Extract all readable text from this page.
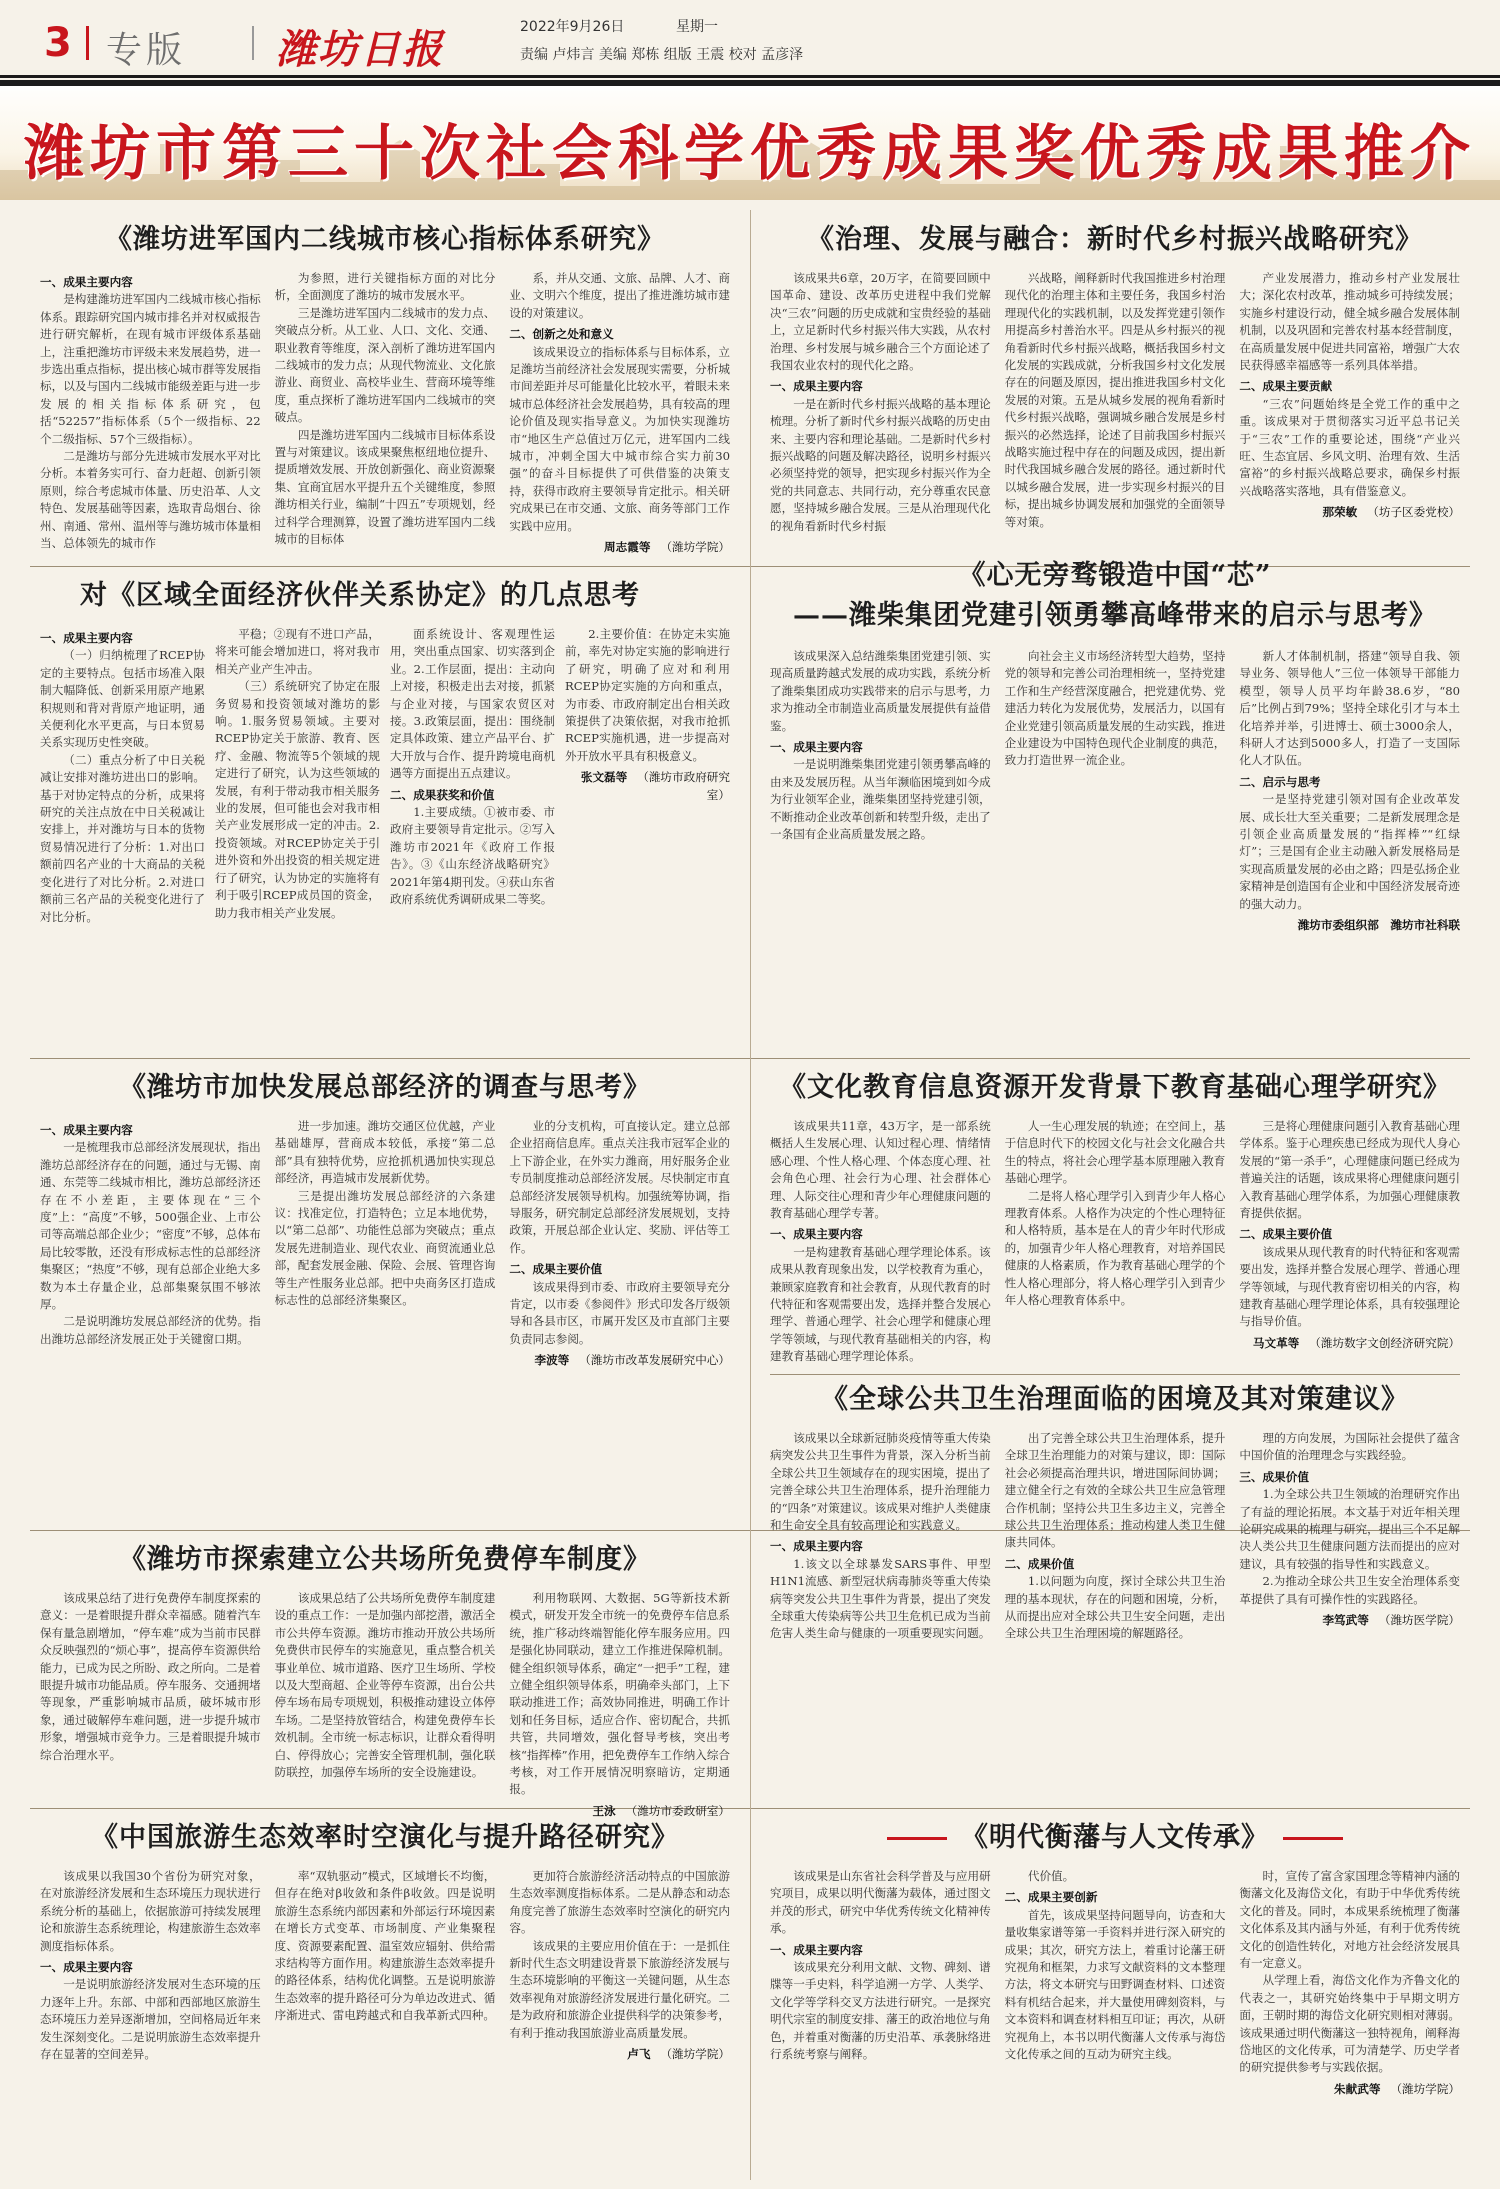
3 专版 潍坊日报	2022年9月26日	星期一
责编 卢炜言 美编 郑栋 组版 王震 校对 孟彦泽
潍坊市第三十次社会科学优秀成果奖优秀成果推介
《潍坊进军国内二线城市核心指标体系研究》
一、成果主要内容

是构建潍坊进军国内二线城市核心指标体系。跟踪研究国内城市排名并对权威报告进行研究解析，在现有城市评级体系基础上，注重把潍坊市评级未来发展趋势，进一步选出重点指标，提出核心城市群等发展指标，以及与国内二线城市能级差距与进一步发展的相关指标体系研究，包括“52257”指标体系（5个一级指标、22个二级指标、57个三级指标）。

二是潍坊与部分先进城市发展水平对比分析。本着务实可行、奋力赶超、创新引领原则，综合考虑城市体量、历史沿革、人文特色、发展基础等因素，选取青岛烟台、徐州、南通、常州、温州等与潍坊城市体量相当、总体领先的城市作

为参照，进行关键指标方面的对比分析，全面测度了潍坊的城市发展水平。

三是潍坊进军国内二线城市的发力点、突破点分析。从工业、人口、文化、交通、职业教育等维度，深入剖析了潍坊进军国内二线城市的发力点；从现代物流业、文化旅游业、商贸业、高校毕业生、营商环境等维度，重点探析了潍坊进军国内二线城市的突破点。

四是潍坊进军国内二线城市目标体系设置与对策建议。该成果聚焦枢纽地位提升、提质增效发展、开放创新强化、商业资源聚集、宜商宜居水平提升五个关键维度，参照潍坊相关行业，编制“十四五”专项规划，经过科学合理测算，设置了潍坊进军国内二线城市的目标体

系，并从交通、文旅、品牌、人才、商业、文明六个维度，提出了推进潍坊城市建设的对策建议。

二、创新之处和意义

该成果设立的指标体系与目标体系，立足潍坊当前经济社会发展现实需要，分析城市间差距并尽可能量化比较水平，着眼未来城市总体经济社会发展趋势，具有较高的理论价值及现实指导意义。为加快实现潍坊市“地区生产总值过万亿元，进军国内二线城市，冲刺全国大中城市综合实力前30强”的奋斗目标提供了可供借鉴的决策支持，获得市政府主要领导肯定批示。相关研究成果已在市交通、文旅、商务等部门工作实践中应用。

周志霞等 （潍坊学院）
《治理、发展与融合：新时代乡村振兴战略研究》

该成果共6章，20万字，在简要回顾中国革命、建设、改革历史进程中我们党解决“三农”问题的历史成就和宝贵经验的基础上，立足新时代乡村振兴伟大实践，从农村治理、乡村发展与城乡融合三个方面论述了我国农业农村的现代化之路。

一、成果主要内容

一是在新时代乡村振兴战略的基本理论梳理。分析了新时代乡村振兴战略的历史由来、主要内容和理论基础。二是新时代乡村振兴战略的问题及解决路径，说明乡村振兴必须坚持党的领导，把实现乡村振兴作为全党的共同意志、共同行动，充分尊重农民意愿，坚持城乡融合发展。三是从治理现代化的视角看新时代乡村振

兴战略，阐释新时代我国推进乡村治理现代化的治理主体和主要任务，我国乡村治理现代化的实践机制，以及发挥党建引领作用提高乡村善治水平。四是从乡村振兴的视角看新时代乡村振兴战略，概括我国乡村文化发展的实践成就，分析我国乡村文化发展存在的问题及原因，提出推进我国乡村文化发展的对策。五是从城乡发展的视角看新时代乡村振兴战略，强调城乡融合发展是乡村振兴的必然选择，论述了目前我国乡村振兴战略实施过程中存在的问题及成因，提出新时代我国城乡融合发展的路径。通过新时代以城乡融合发展，进一步实现乡村振兴的目标，提出城乡协调发展和加强党的全面领导等对策。

产业发展潜力，推动乡村产业发展壮大；深化农村改革，推动城乡可持续发展；实施乡村建设行动，健全城乡融合发展体制机制，以及巩固和完善农村基本经营制度，在高质量发展中促进共同富裕，增强广大农民获得感幸福感等一系列具体举措。

二、成果主要贡献

“三农”问题始终是全党工作的重中之重。该成果对于贯彻落实习近平总书记关于“三农”工作的重要论述，围绕“产业兴旺、生态宜居、乡风文明、治理有效、生活富裕”的乡村振兴战略总要求，确保乡村振兴战略落实落地，具有借鉴意义。

那荣敏 （坊子区委党校）
对《区域全面经济伙伴关系协定》的几点思考
一、成果主要内容

（一）归纳梳理了RCEP协定的主要特点。包括市场准入限制大幅降低、创新采用原产地累积规则和背对背原产地证明，通关便利化水平更高，与日本贸易关系实现历史性突破。

（二）重点分析了中日关税减让安排对潍坊进出口的影响。基于对协定特点的分析，成果将研究的关注点放在中日关税减让安排上，并对潍坊与日本的货物贸易情况进行了分析：1.对出口额前四名产业的十大商品的关税变化进行了对比分析。2.对进口额前三名产品的关税变化进行了对比分析。

平稳；②现有不进口产品，将来可能会增加进口，将对我市相关产业产生冲击。

（三）系统研究了协定在服务贸易和投资领域对潍坊的影响。1.服务贸易领域。主要对RCEP协定关于旅游、教育、医疗、金融、物流等5个领域的规定进行了研究，认为这些领域的发展，有利于带动我市相关服务业的发展，但可能也会对我市相关产业发展形成一定的冲击。2.投资领域。对RCEP协定关于引进外资和外出投资的相关规定进行了研究，认为协定的实施将有利于吸引RCEP成员国的资金，助力我市相关产业发展。

面系统设计、客观理性运用，突出重点国家、切实落到企业。2.工作层面，提出：主动向上对接，积极走出去对接，抓紧与企业对接，与国家农贸区对接。3.政策层面，提出：围绕制定具体政策、建立产品平台、扩大开放与合作、提升跨境电商机遇等方面提出五点建议。

二、成果获奖和价值

1.主要成绩。①被市委、市政府主要领导肯定批示。②写入潍坊市2021年《政府工作报告》。③《山东经济战略研究》2021年第4期刊发。④获山东省政府系统优秀调研成果二等奖。

2.主要价值：在协定未实施前，率先对协定实施的影响进行了研究，明确了应对和利用RCEP协定实施的方向和重点，为市委、市政府制定出台相关政策提供了决策依据，对我市抢抓RCEP实施机遇，进一步提高对外开放水平具有积极意义。

张文磊等 （潍坊市政府研究室）
《心无旁骛锻造中国“芯”
——潍柴集团党建引领勇攀高峰带来的启示与思考》

该成果深入总结潍柴集团党建引领、实现高质量跨越式发展的成功实践，系统分析了潍柴集团成功实践带来的启示与思考，力求为推动全市制造业高质量发展提供有益借鉴。

一、成果主要内容

一是说明潍柴集团党建引领勇攀高峰的由来及发展历程。从当年濒临困境到如今成为行业领军企业，潍柴集团坚持党建引领，不断推动企业改革创新和转型升级，走出了一条国有企业高质量发展之路。

向社会主义市场经济转型大趋势，坚持党的领导和完善公司治理相统一，坚持党建工作和生产经营深度融合，把党建优势、党建活力转化为发展优势，发展活力，以国有企业党建引领高质量发展的生动实践，推进企业建设为中国特色现代企业制度的典范，致力打造世界一流企业。

新人才体制机制，搭建“领导自我、领导业务、领导他人”三位一体领导干部能力模型，领导人员平均年龄38.6岁，“80后”比例占到79%；坚持全球化引才与本土化培养并举，引进博士、硕士3000余人，科研人才达到5000多人，打造了一支国际化人才队伍。

二、启示与思考

一是坚持党建引领对国有企业改革发展、成长壮大至关重要；二是新发展理念是引领企业高质量发展的“指挥棒”“红绿灯”；三是国有企业主动融入新发展格局是实现高质量发展的必由之路；四是弘扬企业家精神是创造国有企业和中国经济发展奇迹的强大动力。

潍坊市委组织部　潍坊市社科联
《潍坊市加快发展总部经济的调查与思考》
一、成果主要内容

一是梳理我市总部经济发展现状，指出潍坊总部经济存在的问题，通过与无锡、南通、东莞等二线城市相比，潍坊总部经济还存在不小差距，主要体现在“三个度”上：“高度”不够，500强企业、上市公司等高端总部企业少；“密度”不够，总体布局比较零散，还没有形成标志性的总部经济集聚区；“热度”不够，现有总部企业绝大多数为本土存量企业，总部集聚氛围不够浓厚。

二是说明潍坊发展总部经济的优势。指出潍坊总部经济发展正处于关键窗口期。

进一步加速。潍坊交通区位优越，产业基础雄厚，营商成本较低，承接“第二总部”具有独特优势，应抢抓机遇加快实现总部经济，再造城市发展新优势。

三是提出潍坊发展总部经济的六条建议：找准定位，打造特色；立足本地优势，以“第二总部”、功能性总部为突破点；重点发展先进制造业、现代农业、商贸流通业总部，配套发展金融、保险、会展、管理咨询等生产性服务业总部。把中央商务区打造成标志性的总部经济集聚区。

业的分支机构，可直接认定。建立总部企业招商信息库。重点关注我市冠军企业的上下游企业，在外实力潍商，用好服务企业专员制度推动总部经济发展。尽快制定市直总部经济发展领导机构。加强统筹协调，指导服务，研究制定总部经济发展规划，支持政策，开展总部企业认定、奖励、评估等工作。

二、成果主要价值

该成果得到市委、市政府主要领导充分肯定，以市委《参阅件》形式印发各厅级领导和各县市区，市属开发区及市直部门主要负责同志参阅。

李波等 （潍坊市改革发展研究中心）
《文化教育信息资源开发背景下教育基础心理学研究》

该成果共11章，43万字，是一部系统概括人生发展心理、认知过程心理、情绪情感心理、个性人格心理、个体态度心理、社会角色心理、社会行为心理、社会群体心理、人际交往心理和青少年心理健康问题的教育基础心理学专著。

一、成果主要内容

一是构建教育基础心理学理论体系。该成果从教育现象出发，以学校教育为重心，兼顾家庭教育和社会教育，从现代教育的时代特征和客观需要出发，选择并整合发展心理学、普通心理学、社会心理学和健康心理学等领域，与现代教育基础相关的内容，构建教育基础心理学理论体系。

人一生心理发展的轨迹；在空间上，基于信息时代下的校园文化与社会文化融合共生的特点，将社会心理学基本原理融入教育基础心理学。

二是将人格心理学引入到青少年人格心理教育体系。人格作为决定的个性心理特征和人格特质，基本是在人的青少年时代形成的，加强青少年人格心理教育，对培养国民健康的人格素质，作为教育基础心理学的个性人格心理部分，将人格心理学引入到青少年人格心理教育体系中。

三是将心理健康问题引入教育基础心理学体系。鉴于心理疾患已经成为现代人身心发展的“第一杀手”，心理健康问题已经成为普遍关注的话题，该成果将心理健康问题引入教育基础心理学体系，为加强心理健康教育提供依据。

二、成果主要价值

该成果从现代教育的时代特征和客观需要出发，选择并整合发展心理学、普通心理学等领域，与现代教育密切相关的内容，构建教育基础心理学理论体系，具有较强理论与指导价值。

马文革等 （潍坊数字文创经济研究院）
《全球公共卫生治理面临的困境及其对策建议》

该成果以全球新冠肺炎疫情等重大传染病突发公共卫生事件为背景，深入分析当前全球公共卫生领域存在的现实困境，提出了完善全球公共卫生治理体系，提升治理能力的“四条”对策建议。该成果对维护人类健康和生命安全具有较高理论和实践意义。

一、成果主要内容

1.该文以全球暴发SARS事件、甲型H1N1流感、新型冠状病毒肺炎等重大传染病等突发公共卫生事件为背景，提出了突发全球重大传染病等公共卫生危机已成为当前危害人类生命与健康的一项重要现实问题。

出了完善全球公共卫生治理体系，提升全球卫生治理能力的对策与建议，即：国际社会必须提高治理共识，增进国际间协调；建立健全行之有效的全球公共卫生应急管理合作机制；坚持公共卫生多边主义，完善全球公共卫生治理体系；推动构建人类卫生健康共同体。

二、成果价值

1.以问题为向度，探讨全球公共卫生治理的基本现状，存在的问题和困境，分析，从而提出应对全球公共卫生安全问题，走出全球公共卫生治理困境的解题路径。

理的方向发展，为国际社会提供了蕴含中国价值的治理理念与实践经验。

三、成果价值

1.为全球公共卫生领域的治理研究作出了有益的理论拓展。本文基于对近年相关理论研究成果的梳理与研究，提出三个不足解决人类公共卫生健康问题方法而提出的应对建议，具有较强的指导性和实践意义。

2.为推动全球公共卫生安全治理体系变革提供了具有可操作性的实践路径。

李笃武等 （潍坊医学院）
《潍坊市探索建立公共场所免费停车制度》

该成果总结了进行免费停车制度探索的意义：一是着眼提升群众幸福感。随着汽车保有量急剧增加，“停车难”成为当前市民群众反映强烈的“烦心事”，提高停车资源供给能力，已成为民之所盼、政之所向。二是着眼提升城市功能品质。停车服务、交通拥堵等现象，严重影响城市品质，破坏城市形象，通过破解停车难问题，进一步提升城市形象，增强城市竞争力。三是着眼提升城市综合治理水平。

该成果总结了公共场所免费停车制度建设的重点工作：一是加强内部挖潜，激活全市公共停车资源。潍坊市推动开放公共场所免费供市民停车的实施意见，重点整合机关事业单位、城市道路、医疗卫生场所、学校以及大型商超、企业等停车资源，出台公共停车场布局专项规划，积极推动建设立体停车场。二是坚持放管结合，构建免费停车长效机制。全市统一标志标识，让群众看得明白、停得放心；完善安全管理机制，强化联防联控，加强停车场所的安全设施建设。

利用物联网、大数据、5G等新技术新模式，研发开发全市统一的免费停车信息系统，推广移动终端智能化停车服务应用。四是强化协同联动，建立工作推进保障机制。健全组织领导体系，确定“一把手”工程，建立健全组织领导体系，明确牵头部门，上下联动推进工作；高效协同推进，明确工作计划和任务目标，适应合作、密切配合，共抓共管，共同增效，强化督导考核，突出考核“指挥棒”作用，把免费停车工作纳入综合考核，对工作开展情况明察暗访，定期通报。

王泳 （潍坊市委政研室）
《中国旅游生态效率时空演化与提升路径研究》

该成果以我国30个省份为研究对象，在对旅游经济发展和生态环境压力现状进行系统分析的基础上，依据旅游可持续发展理论和旅游生态系统理论，构建旅游生态效率测度指标体系。

一、成果主要内容

一是说明旅游经济发展对生态环境的压力逐年上升。东部、中部和西部地区旅游生态环境压力差异逐渐增加，空间格局近年来发生深刻变化。二是说明旅游生态效率提升存在显著的空间差异。

率“双轨驱动”模式，区域增长不均衡，但存在绝对β收敛和条件β收敛。四是说明旅游生态系统内部因素和外部运行环境因素在增长方式变革、市场制度、产业集聚程度、资源要素配置、温室效应辐射、供给需求结构等方面作用。构建旅游生态效率提升的路径体系，结构优化调整。五是说明旅游生态效率的提升路径可分为单边改进式、循序渐进式、雷电跨越式和自我革新式四种。

更加符合旅游经济活动特点的中国旅游生态效率测度指标体系。二是从静态和动态角度完善了旅游生态效率时空演化的研究内容。

该成果的主要应用价值在于：一是抓住新时代生态文明建设背景下旅游经济发展与生态环境影响的平衡这一关键问题，从生态效率视角对旅游经济发展进行量化研究。二是为政府和旅游企业提供科学的决策参考，有利于推动我国旅游业高质量发展。

卢飞 （潍坊学院）
《明代衡藩与人文传承》

该成果是山东省社会科学普及与应用研究项目，成果以明代衡藩为载体，通过图文并茂的形式，研究中华优秀传统文化精神传承。

一、成果主要内容

该成果充分利用文献、文物、碑刻、谱牒等一手史料，科学追溯一方学、人类学、文化学等学科交叉方法进行研究。一是探究明代宗室的制度安排、藩王的政治地位与角色，并着重对衡藩的历史沿革、承袭脉络进行系统考察与阐释。

代价值。

二、成果主要创新

首先，该成果坚持问题导向，访查和大量收集家谱等第一手资料并进行深入研究的成果；其次，研究方法上，着重讨论藩王研究视角和框架，力求写文献资料的文本整理方法，将文本研究与田野调查材料、口述资料有机结合起来，并大量使用碑刻资料，与文本资料和调查材料相互印证；再次，从研究视角上，本书以明代衡藩人文传承与海岱文化传承之间的互动为研究主线。

时，宣传了富含家国理念等精神内涵的衡藩文化及海岱文化，有助于中华优秀传统文化的普及。同时，本成果系统梳理了衡藩文化体系及其内涵与外延，有利于优秀传统文化的创造性转化，对地方社会经济发展具有一定意义。

从学理上看，海岱文化作为齐鲁文化的代表之一，其研究始终集中于早期文明方面，王朝时期的海岱文化研究则相对薄弱。该成果通过明代衡藩这一独特视角，阐释海岱地区的文化传承，可为清楚学、历史学者的研究提供参考与实践依据。

朱献武等 （潍坊学院）
